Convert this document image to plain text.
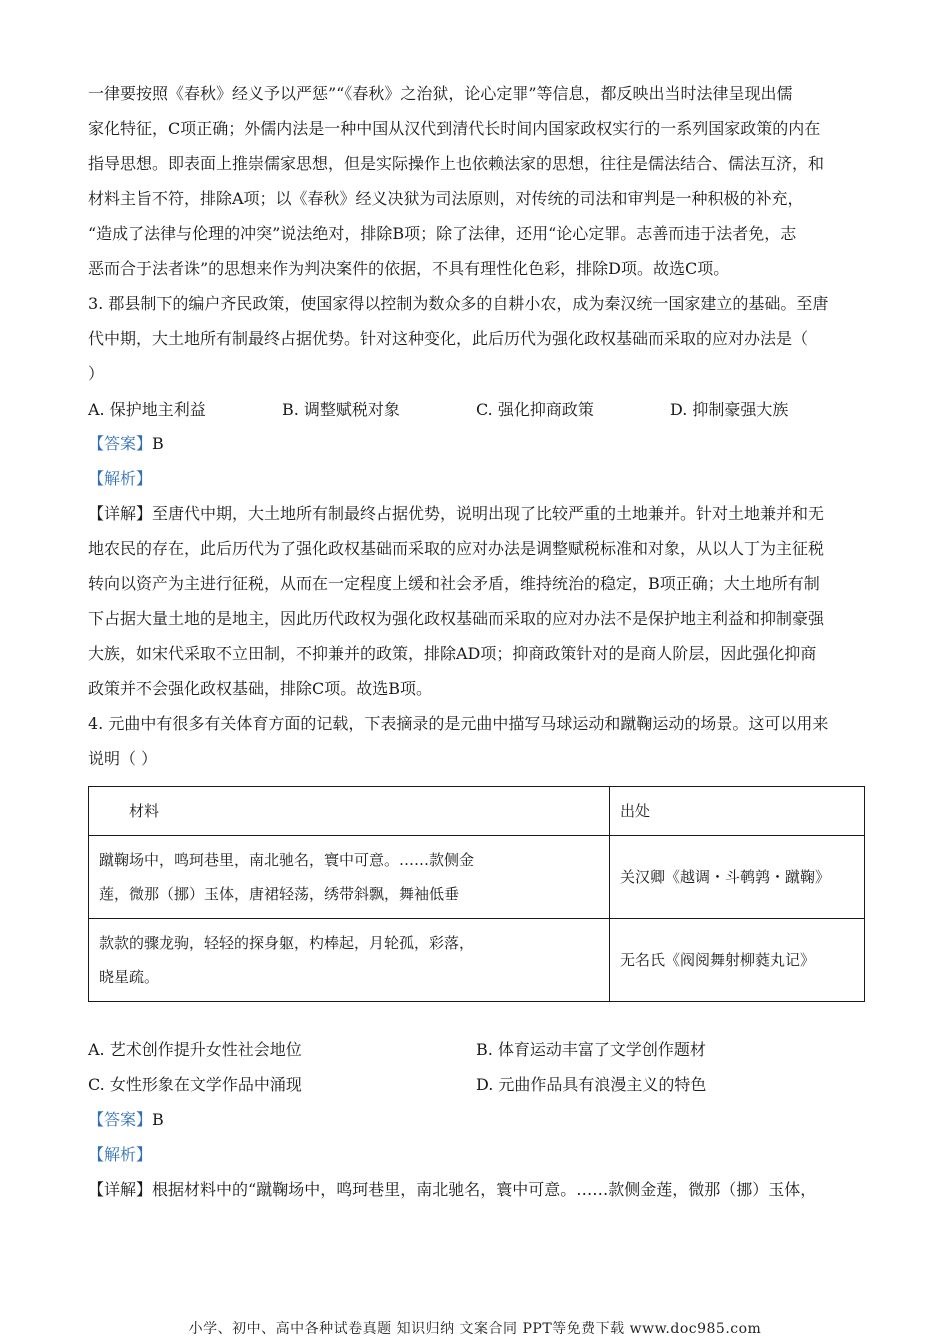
一律要按照《春秋》经义予以严惩”“《春秋》之治狱，论心定罪”等信息，都反映出当时法律呈现出儒

家化特征，C项正确；外儒内法是一种中国从汉代到清代长时间内国家政权实行的一系列国家政策的内在

指导思想。即表面上推崇儒家思想，但是实际操作上也依赖法家的思想，往往是儒法结合、儒法互济，和

材料主旨不符，排除A项；以《春秋》经义决狱为司法原则，对传统的司法和审判是一种积极的补充，

“造成了法律与伦理的冲突”说法绝对，排除B项；除了法律，还用“论心定罪。志善而违于法者免，志

恶而合于法者诛”的思想来作为判决案件的依据，不具有理性化色彩，排除D项。故选C项。

3. 郡县制下的编户齐民政策，使国家得以控制为数众多的自耕小农，成为秦汉统一国家建立的基础。至唐

代中期，大土地所有制最终占据优势。针对这种变化，此后历代为强化政权基础而采取的应对办法是（

）

A. 保护地主利益	B. 调整赋税对象	C. 强化抑商政策	D. 抑制豪强大族

【答案】B

【解析】

【详解】至唐代中期，大土地所有制最终占据优势，说明出现了比较严重的土地兼并。针对土地兼并和无

地农民的存在，此后历代为了强化政权基础而采取的应对办法是调整赋税标准和对象，从以人丁为主征税

转向以资产为主进行征税，从而在一定程度上缓和社会矛盾，维持统治的稳定，B项正确；大土地所有制

下占据大量土地的是地主，因此历代政权为强化政权基础而采取的应对办法不是保护地主利益和抑制豪强

大族，如宋代采取不立田制，不抑兼并的政策，排除AD项；抑商政策针对的是商人阶层，因此强化抑商

政策并不会强化政权基础，排除C项。故选B项。

4. 元曲中有很多有关体育方面的记载，下表摘录的是元曲中描写马球运动和蹴鞠运动的场景。这可以用来

说明（ ）

材料	出处

蹴鞠场中，鸣珂巷里，南北驰名，寰中可意。……款侧金
莲，微那（挪）玉体，唐裙轻荡，绣带斜飘，舞袖低垂	关汉卿《越调・斗鹌鹑・蹴鞠》

款款的骤龙驹，轻轻的探身躯，杓棒起，月轮孤，彩落，
晓星疏。	无名氏《阀阅舞射柳蕤丸记》
A. 艺术创作提升女性社会地位	B. 体育运动丰富了文学创作题材
C. 女性形象在文学作品中涌现	D. 元曲作品具有浪漫主义的特色

【答案】B

【解析】

【详解】根据材料中的“蹴鞠场中，鸣珂巷里，南北驰名，寰中可意。……款侧金莲，微那（挪）玉体，

小学、初中、高中各种试卷真题 知识归纳 文案合同 PPT等免费下载 www.doc985.com
